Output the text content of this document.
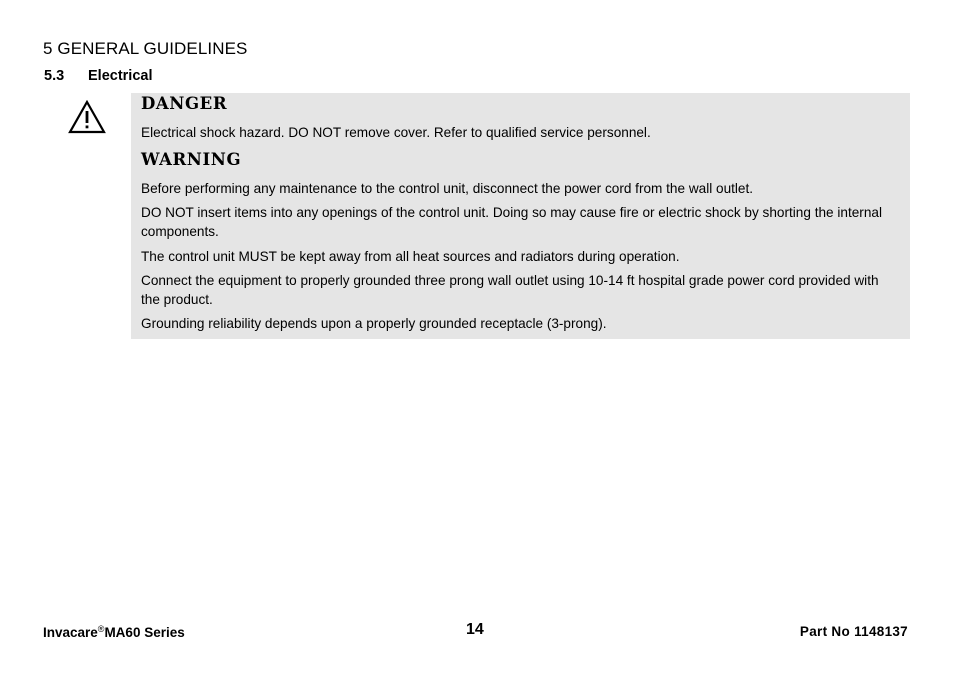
5 GENERAL GUIDELINES
5.3 Electrical
DANGER

Electrical shock hazard. DO NOT remove cover. Refer to qualified service personnel.

WARNING

Before performing any maintenance to the control unit, disconnect the power cord from the wall outlet.

DO NOT insert items into any openings of the control unit. Doing so may cause fire or electric shock by shorting the internal components.

The control unit MUST be kept away from all heat sources and radiators during operation.

Connect the equipment to properly grounded three prong wall outlet using 10-14 ft hospital grade power cord provided with the product.

Grounding reliability depends upon a properly grounded receptacle (3-prong).

Invacare®MA60 Series	14	Part No 1148137
